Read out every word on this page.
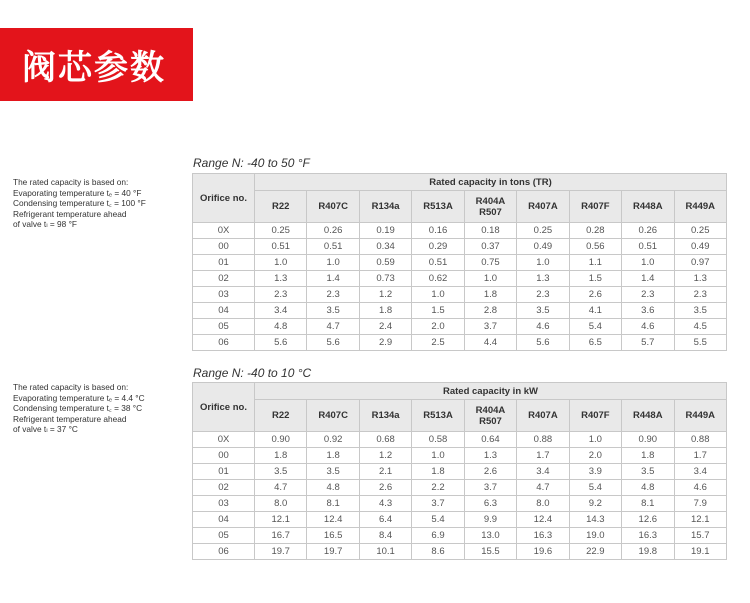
阀芯参数
Range N: -40 to 50 °F
The rated capacity is based on:
Evaporating temperature tₑ = 40 °F
Condensing temperature t꜀ = 100 °F
Refrigerant temperature ahead
of valve tₗ = 98 °F
Orifice no.	Rated capacity in tons (TR)								
	R22	R407C	R134a	R513A	R404A R507	R407A	R407F	R448A	R449A
0X	0.25	0.26	0.19	0.16	0.18	0.25	0.28	0.26	0.25
00	0.51	0.51	0.34	0.29	0.37	0.49	0.56	0.51	0.49
01	1.0	1.0	0.59	0.51	0.75	1.0	1.1	1.0	0.97
02	1.3	1.4	0.73	0.62	1.0	1.3	1.5	1.4	1.3
03	2.3	2.3	1.2	1.0	1.8	2.3	2.6	2.3	2.3
04	3.4	3.5	1.8	1.5	2.8	3.5	4.1	3.6	3.5
05	4.8	4.7	2.4	2.0	3.7	4.6	5.4	4.6	4.5
06	5.6	5.6	2.9	2.5	4.4	5.6	6.5	5.7	5.5
Range N: -40 to 10 °C
The rated capacity is based on:
Evaporating temperature tₑ = 4.4 °C
Condensing temperature t꜀ = 38 °C
Refrigerant temperature ahead
of valve tₗ = 37 °C
Orifice no.	Rated capacity in kW								
	R22	R407C	R134a	R513A	R404A R507	R407A	R407F	R448A	R449A
0X	0.90	0.92	0.68	0.58	0.64	0.88	1.0	0.90	0.88
00	1.8	1.8	1.2	1.0	1.3	1.7	2.0	1.8	1.7
01	3.5	3.5	2.1	1.8	2.6	3.4	3.9	3.5	3.4
02	4.7	4.8	2.6	2.2	3.7	4.7	5.4	4.8	4.6
03	8.0	8.1	4.3	3.7	6.3	8.0	9.2	8.1	7.9
04	12.1	12.4	6.4	5.4	9.9	12.4	14.3	12.6	12.1
05	16.7	16.5	8.4	6.9	13.0	16.3	19.0	16.3	15.7
06	19.7	19.7	10.1	8.6	15.5	19.6	22.9	19.8	19.1
